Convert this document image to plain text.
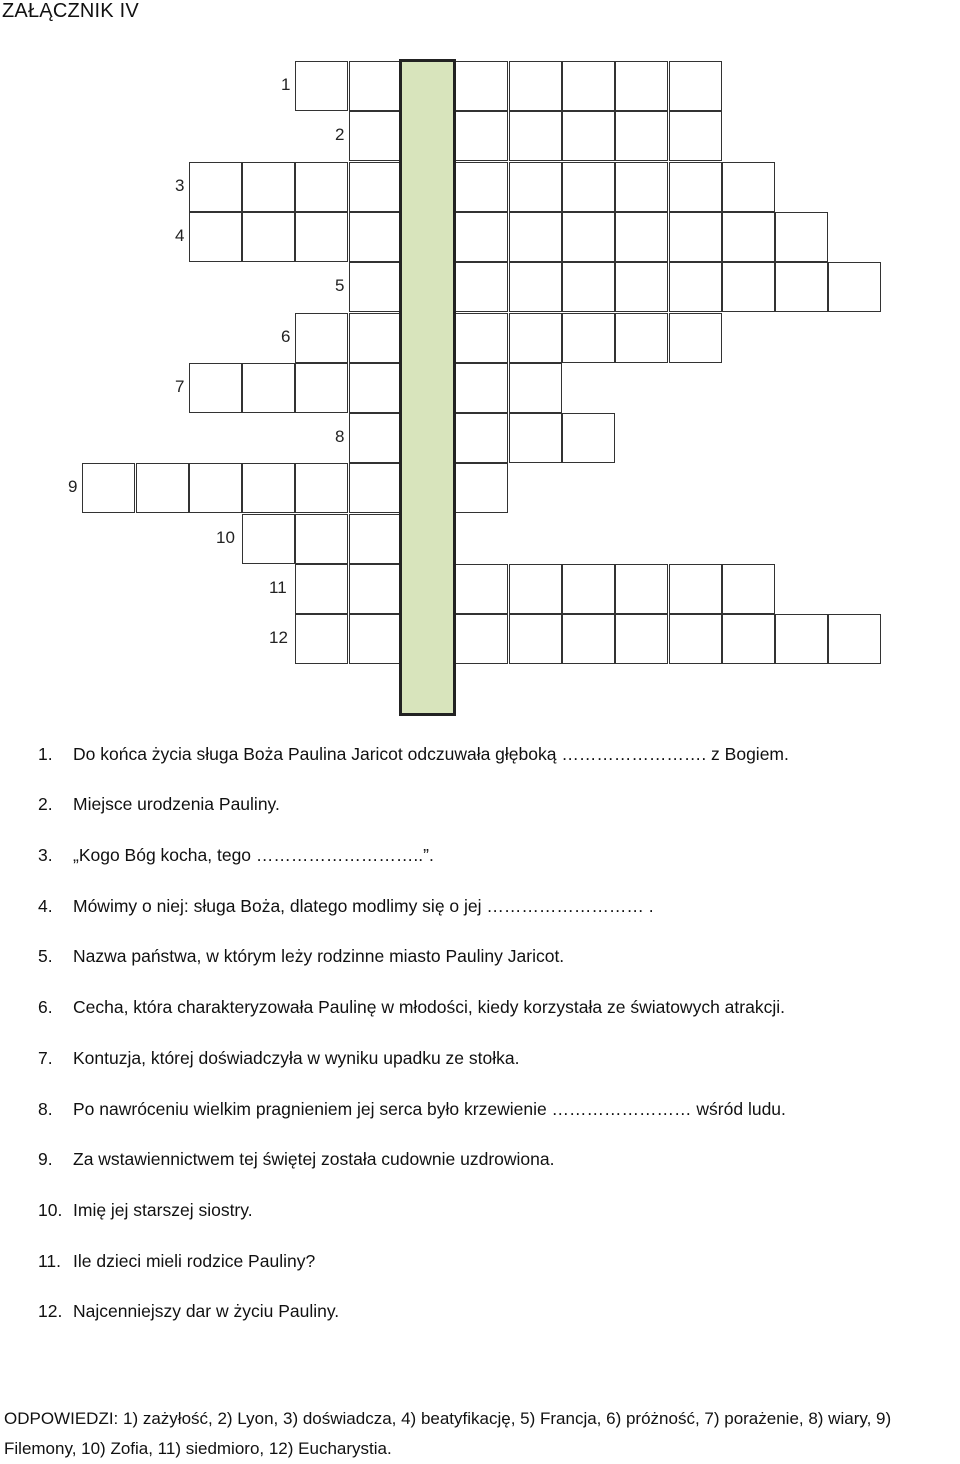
ZAŁĄCZNIK IV
1
2
3
4
5
6
7
8
9
10
11
12
1. Do końca życia sługa Boża Paulina Jaricot odczuwała głęboką ……………………. z Bogiem.
2. Miejsce urodzenia Pauliny.
3. „Kogo Bóg kocha, tego ………………………..”.
4. Mówimy o niej: sługa Boża, dlatego modlimy się o jej ……………………… .
5. Nazwa państwa, w którym leży rodzinne miasto Pauliny Jaricot.
6. Cecha, która charakteryzowała Paulinę w młodości, kiedy korzystała ze światowych atrakcji.
7. Kontuzja, której doświadczyła w wyniku upadku ze stołka.
8. Po nawróceniu wielkim pragnieniem jej serca było krzewienie …………………… wśród ludu.
9. Za wstawiennictwem tej świętej została cudownie uzdrowiona.
10. Imię jej starszej siostry.
11. Ile dzieci mieli rodzice Pauliny?
12. Najcenniejszy dar w życiu Pauliny.
ODPOWIEDZI: 1) zażyłość, 2) Lyon, 3) doświadcza, 4) beatyfikację, 5) Francja, 6) próżność, 7) porażenie, 8) wiary, 9) Filemony, 10) Zofia, 11) siedmioro, 12) Eucharystia.
